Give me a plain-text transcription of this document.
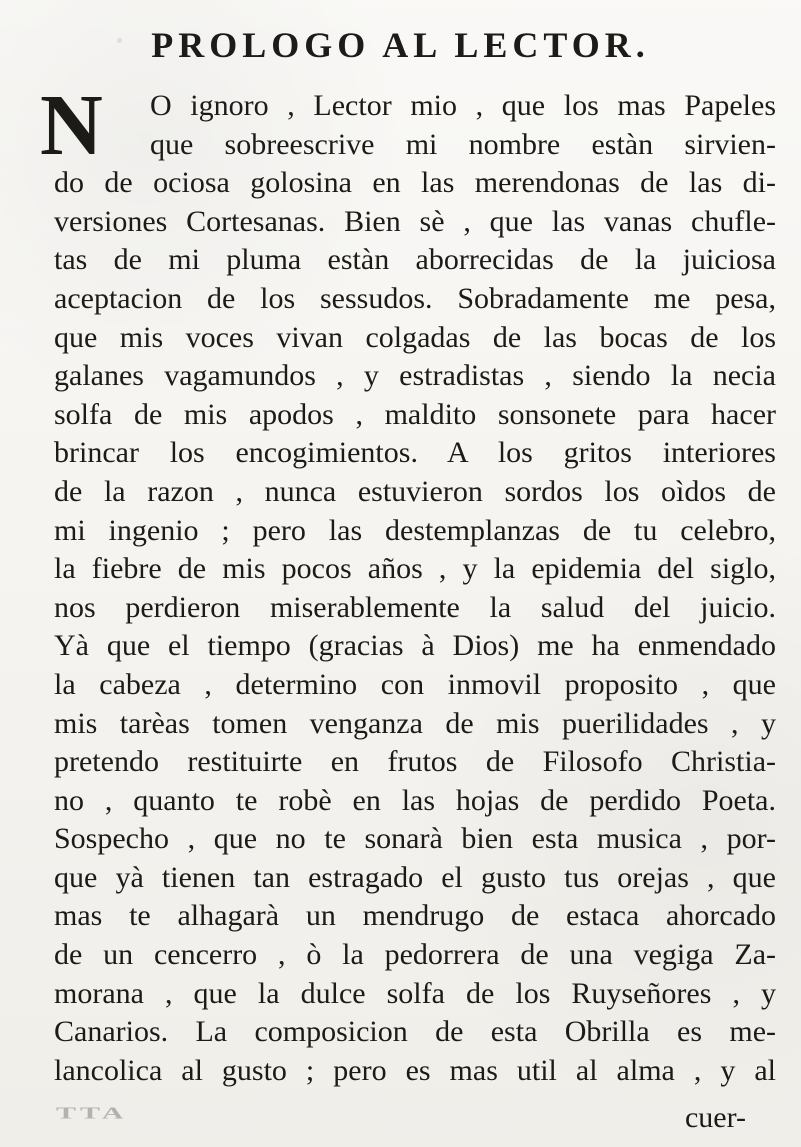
PROLOGO AL LECTOR.
N	O ignoro , Lector mio , que los mas Papeles
que sobreescrive mi nombre estàn sirvien-
do de ociosa golosina en las merendonas de las di-
versiones Cortesanas. Bien sè , que las vanas chufle-
tas de mi pluma estàn aborrecidas de la juiciosa
aceptacion de los sessudos. Sobradamente me pesa,
que mis voces vivan colgadas de las bocas de los
galanes vagamundos , y estradistas , siendo la necia
solfa de mis apodos , maldito sonsonete para hacer
brincar los encogimientos. A los gritos interiores
de la razon , nunca estuvieron sordos los oìdos de
mi ingenio ; pero las destemplanzas de tu celebro,
la fiebre de mis pocos años , y la epidemia del siglo,
nos perdieron miserablemente la salud del juicio.
Yà que el tiempo (gracias à Dios) me ha enmendado
la cabeza , determino con inmovil proposito , que
mis tarèas tomen venganza de mis puerilidades , y
pretendo restituirte en frutos de Filosofo Christia-
no , quanto te robè en las hojas de perdido Poeta.
Sospecho , que no te sonarà bien esta musica , por-
que yà tienen tan estragado el gusto tus orejas , que
mas te alhagarà un mendrugo de estaca ahorcado
de un cencerro , ò la pedorrera de una vegiga Za-
morana , que la dulce solfa de los Ruyseñores , y
Canarios. La composicion de esta Obrilla es me-
lancolica al gusto ; pero es mas util al alma , y al
TTA	cuer-
